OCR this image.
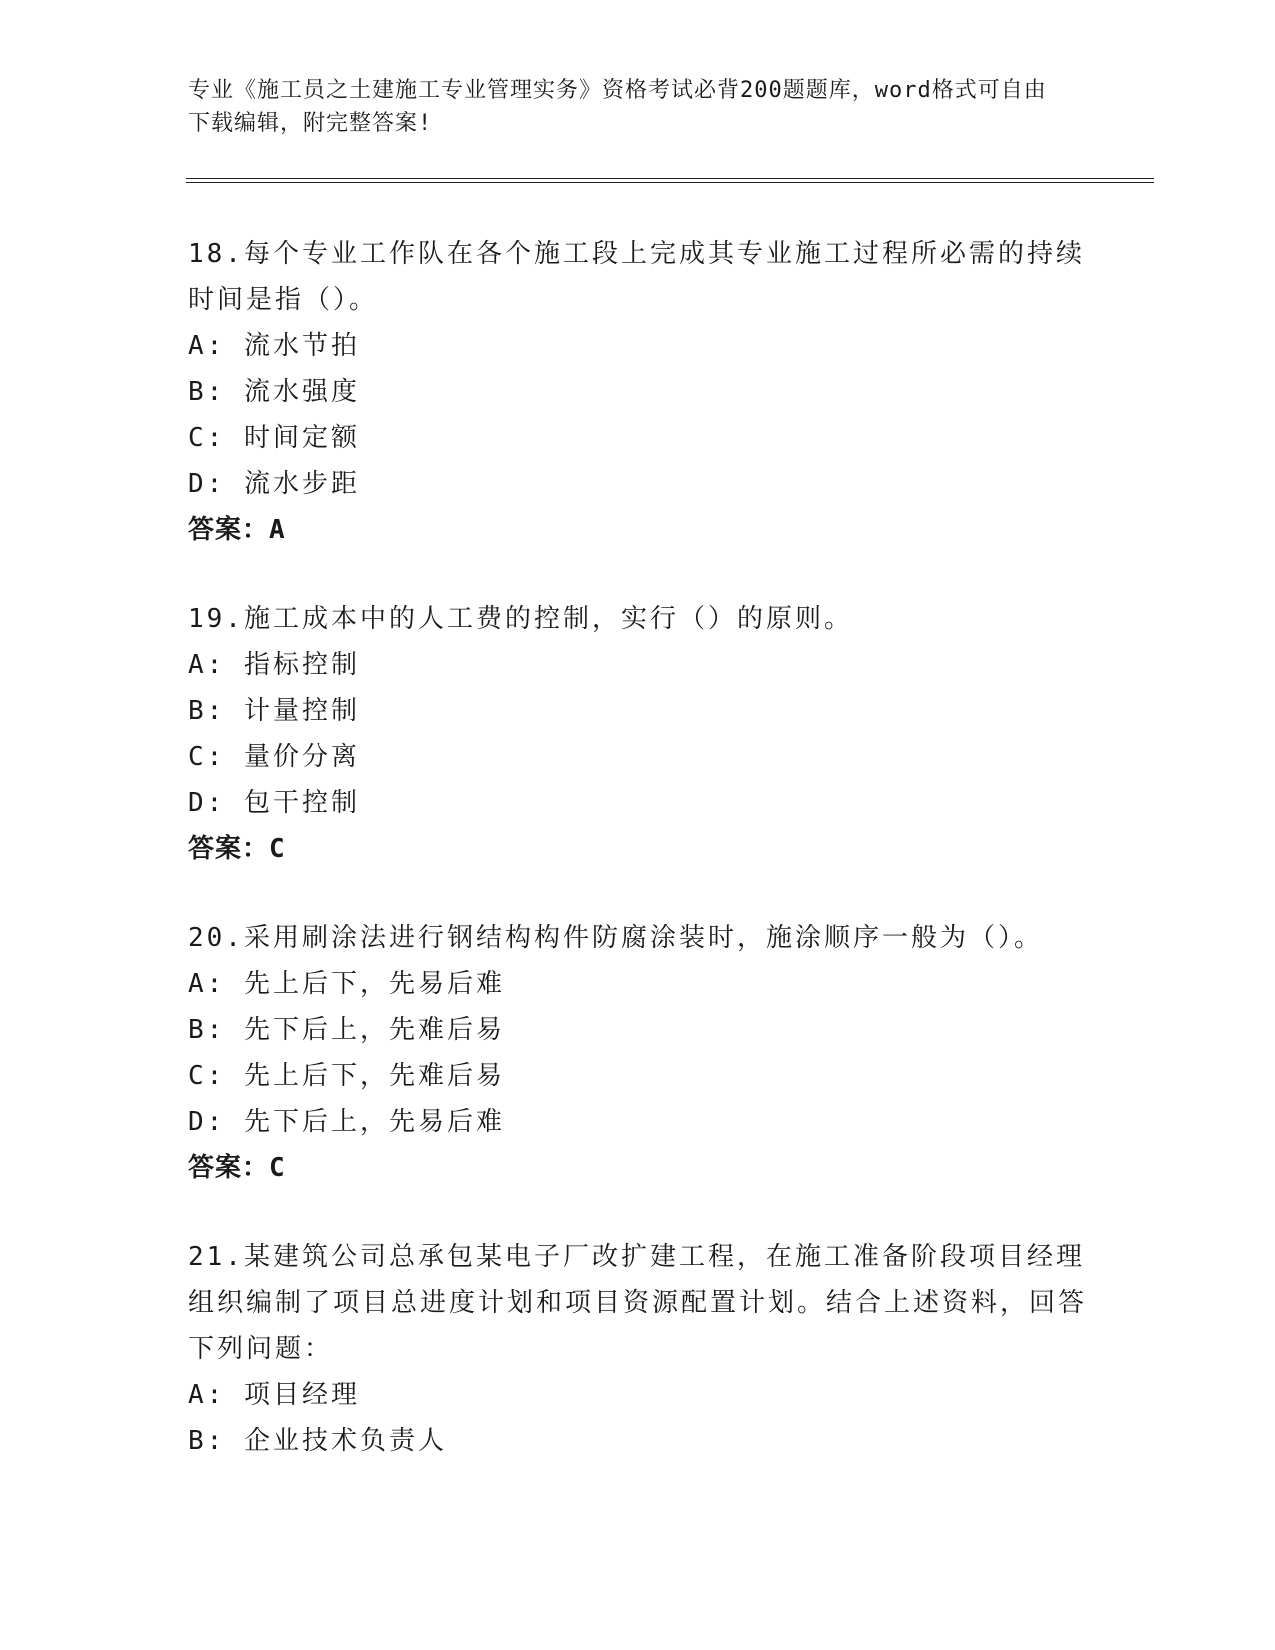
专业《施工员之土建施工专业管理实务》资格考试必背200题题库，word格式可自由下载编辑，附完整答案!
18.每个专业工作队在各个施工段上完成其专业施工过程所必需的持续时间是指（）。
A: 流水节拍
B: 流水强度
C: 时间定额
D: 流水步距
答案：A
19.施工成本中的人工费的控制，实行（）的原则。
A: 指标控制
B: 计量控制
C: 量价分离
D: 包干控制
答案：C
20.采用刷涂法进行钢结构构件防腐涂装时，施涂顺序一般为（）。
A: 先上后下，先易后难
B: 先下后上，先难后易
C: 先上后下，先难后易
D: 先下后上，先易后难
答案：C
21.某建筑公司总承包某电子厂改扩建工程，在施工准备阶段项目经理组织编制了项目总进度计划和项目资源配置计划。结合上述资料，回答下列问题：
A: 项目经理
B: 企业技术负责人
